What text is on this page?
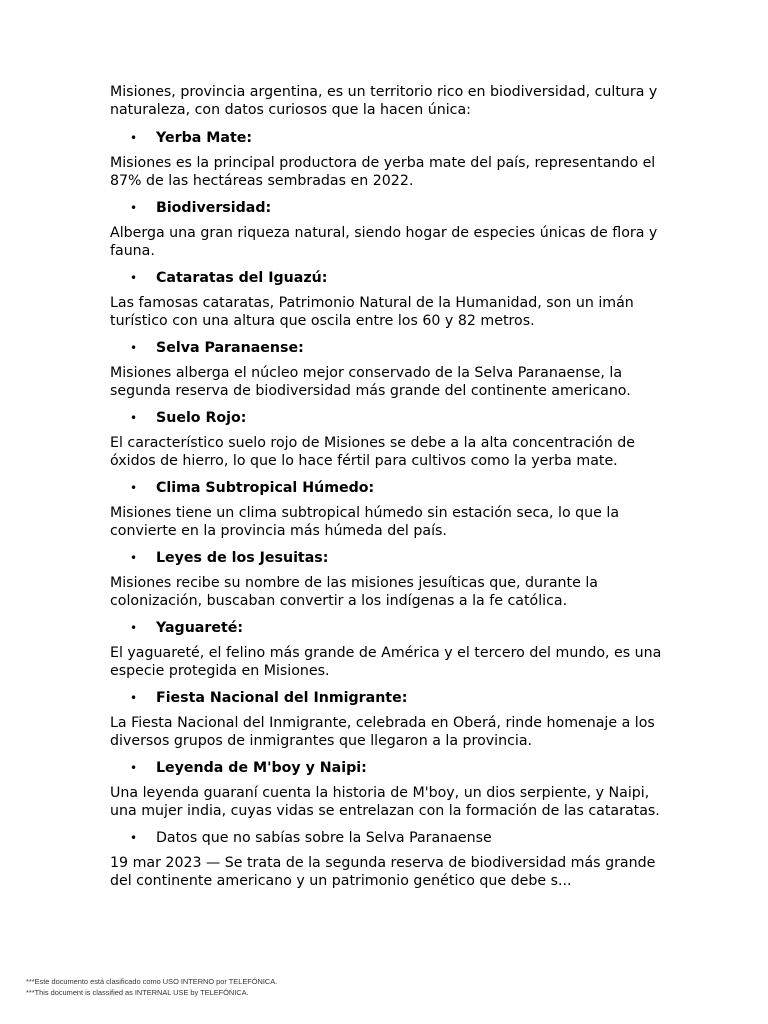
Misiones, provincia argentina, es un territorio rico en biodiversidad, cultura y naturaleza, con datos curiosos que la hacen única:

•	Yerba Mate:

Misiones es la principal productora de yerba mate del país, representando el 87% de las hectáreas sembradas en 2022.

•	Biodiversidad:

Alberga una gran riqueza natural, siendo hogar de especies únicas de flora y fauna.

•	Cataratas del Iguazú:

Las famosas cataratas, Patrimonio Natural de la Humanidad, son un imán turístico con una altura que oscila entre los 60 y 82 metros.

•	Selva Paranaense:

Misiones alberga el núcleo mejor conservado de la Selva Paranaense, la segunda reserva de biodiversidad más grande del continente americano.

•	Suelo Rojo:

El característico suelo rojo de Misiones se debe a la alta concentración de óxidos de hierro, lo que lo hace fértil para cultivos como la yerba mate.

•	Clima Subtropical Húmedo:

Misiones tiene un clima subtropical húmedo sin estación seca, lo que la convierte en la provincia más húmeda del país.

•	Leyes de los Jesuitas:

Misiones recibe su nombre de las misiones jesuíticas que, durante la colonización, buscaban convertir a los indígenas a la fe católica.

•	Yaguareté:

El yaguareté, el felino más grande de América y el tercero del mundo, es una especie protegida en Misiones.

•	Fiesta Nacional del Inmigrante:

La Fiesta Nacional del Inmigrante, celebrada en Oberá, rinde homenaje a los diversos grupos de inmigrantes que llegaron a la provincia.

•	Leyenda de M'boy y Naipi:

Una leyenda guaraní cuenta la historia de M'boy, un dios serpiente, y Naipi, una mujer india, cuyas vidas se entrelazan con la formación de las cataratas.

•	Datos que no sabías sobre la Selva Paranaense

19 mar 2023 — Se trata de la segunda reserva de biodiversidad más grande del continente americano y un patrimonio genético que debe s...

***Este documento está clasificado como USO INTERNO por TELEFÓNICA.
***This document is classified as INTERNAL USE by TELEFÓNICA.
